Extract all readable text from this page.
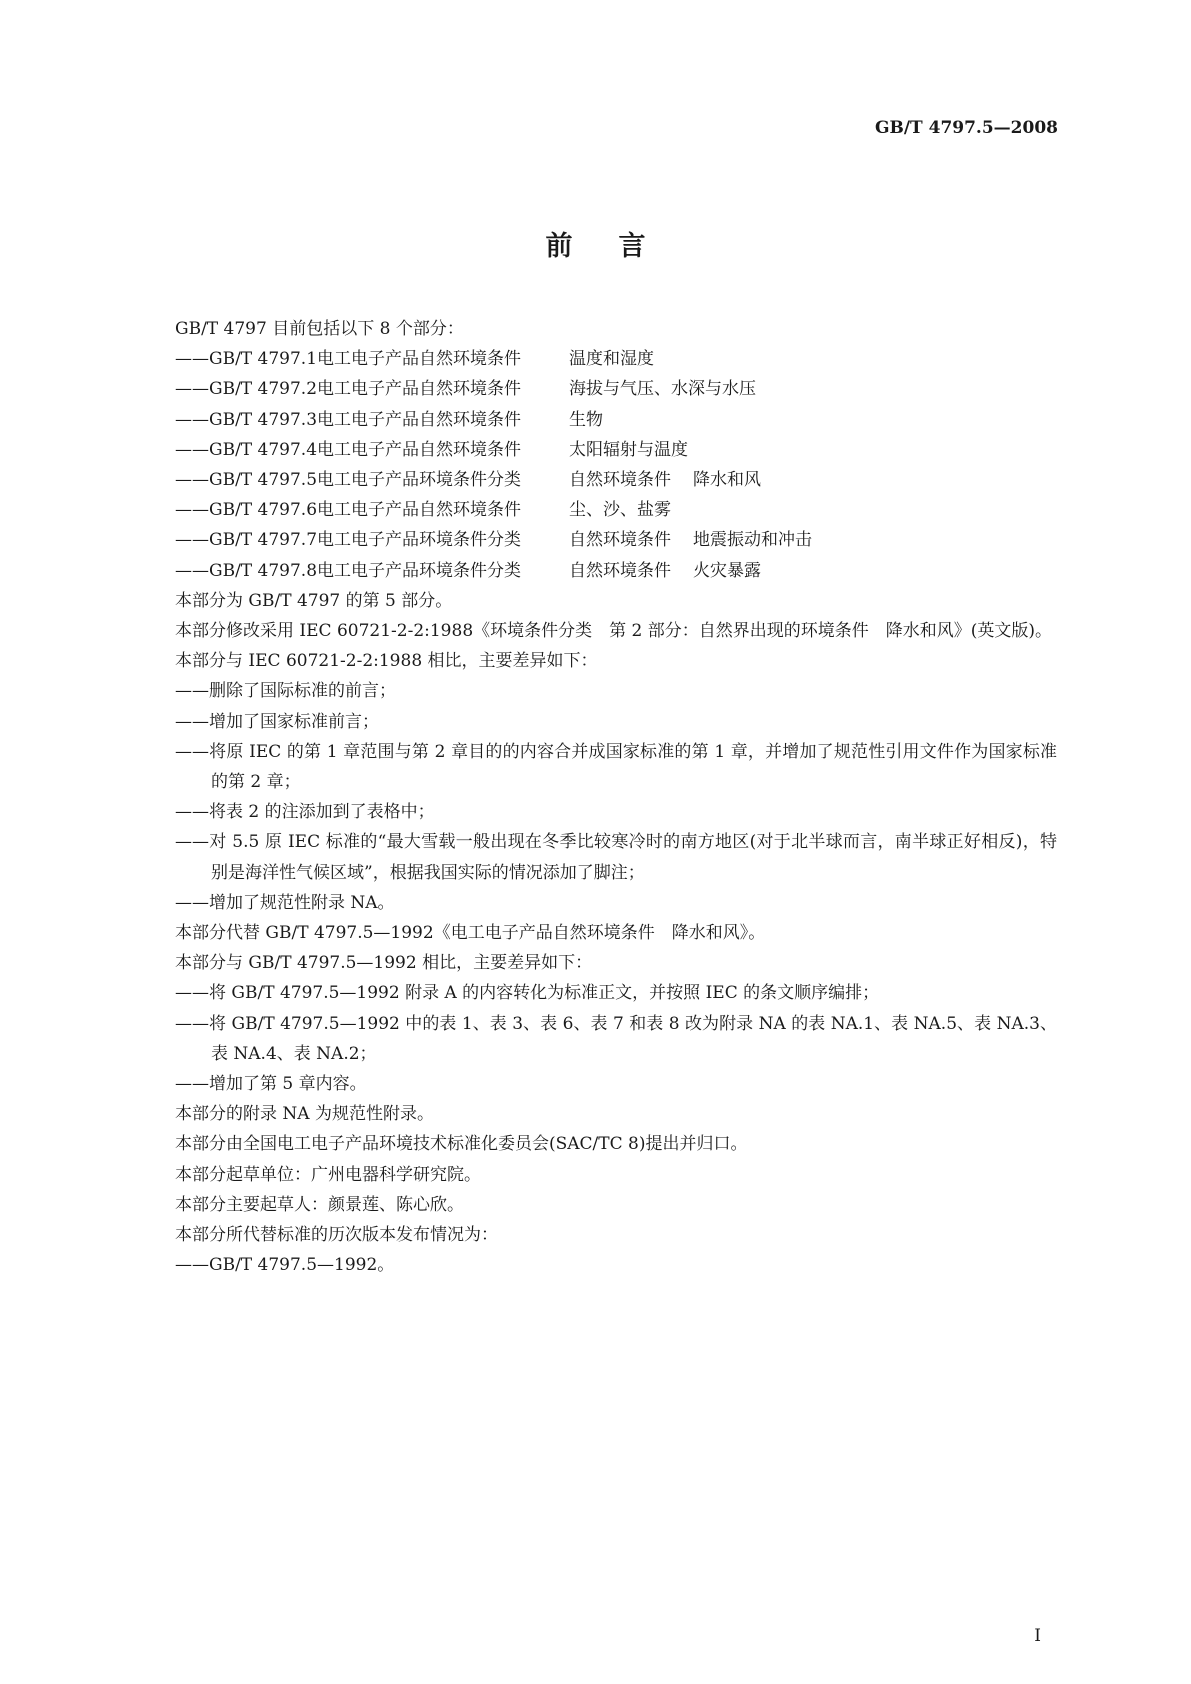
GB/T 4797.5—2008
前言
GB/T 4797 目前包括以下 8 个部分：
——GB/T 4797.1电工电子产品自然环境条件	温度和湿度
——GB/T 4797.2电工电子产品自然环境条件	海拔与气压、水深与水压
——GB/T 4797.3电工电子产品自然环境条件	生物
——GB/T 4797.4电工电子产品自然环境条件	太阳辐射与温度
——GB/T 4797.5电工电子产品环境条件分类	自然环境条件 降水和风
——GB/T 4797.6电工电子产品自然环境条件	尘、沙、盐雾
——GB/T 4797.7电工电子产品环境条件分类	自然环境条件 地震振动和冲击
——GB/T 4797.8电工电子产品环境条件分类	自然环境条件 火灾暴露
本部分为 GB/T 4797 的第 5 部分。
本部分修改采用 IEC 60721-2-2:1988《环境条件分类　第 2 部分：自然界出现的环境条件　降水和风》(英文版)。
本部分与 IEC 60721-2-2:1988 相比，主要差异如下：
——删除了国际标准的前言；
——增加了国家标准前言；
——将原 IEC 的第 1 章范围与第 2 章目的的内容合并成国家标准的第 1 章，并增加了规范性引用文件作为国家标准的第 2 章；
——将表 2 的注添加到了表格中；
——对 5.5 原 IEC 标准的“最大雪载一般出现在冬季比较寒冷时的南方地区(对于北半球而言，南半球正好相反)，特别是海洋性气候区域”，根据我国实际的情况添加了脚注；
——增加了规范性附录 NA。
本部分代替 GB/T 4797.5—1992《电工电子产品自然环境条件　降水和风》。
本部分与 GB/T 4797.5—1992 相比，主要差异如下：
——将 GB/T 4797.5—1992 附录 A 的内容转化为标准正文，并按照 IEC 的条文顺序编排；
——将 GB/T 4797.5—1992 中的表 1、表 3、表 6、表 7 和表 8 改为附录 NA 的表 NA.1、表 NA.5、表 NA.3、表 NA.4、表 NA.2；
——增加了第 5 章内容。
本部分的附录 NA 为规范性附录。
本部分由全国电工电子产品环境技术标准化委员会(SAC/TC 8)提出并归口。
本部分起草单位：广州电器科学研究院。
本部分主要起草人：颜景莲、陈心欣。
本部分所代替标准的历次版本发布情况为：
——GB/T 4797.5—1992。
I
